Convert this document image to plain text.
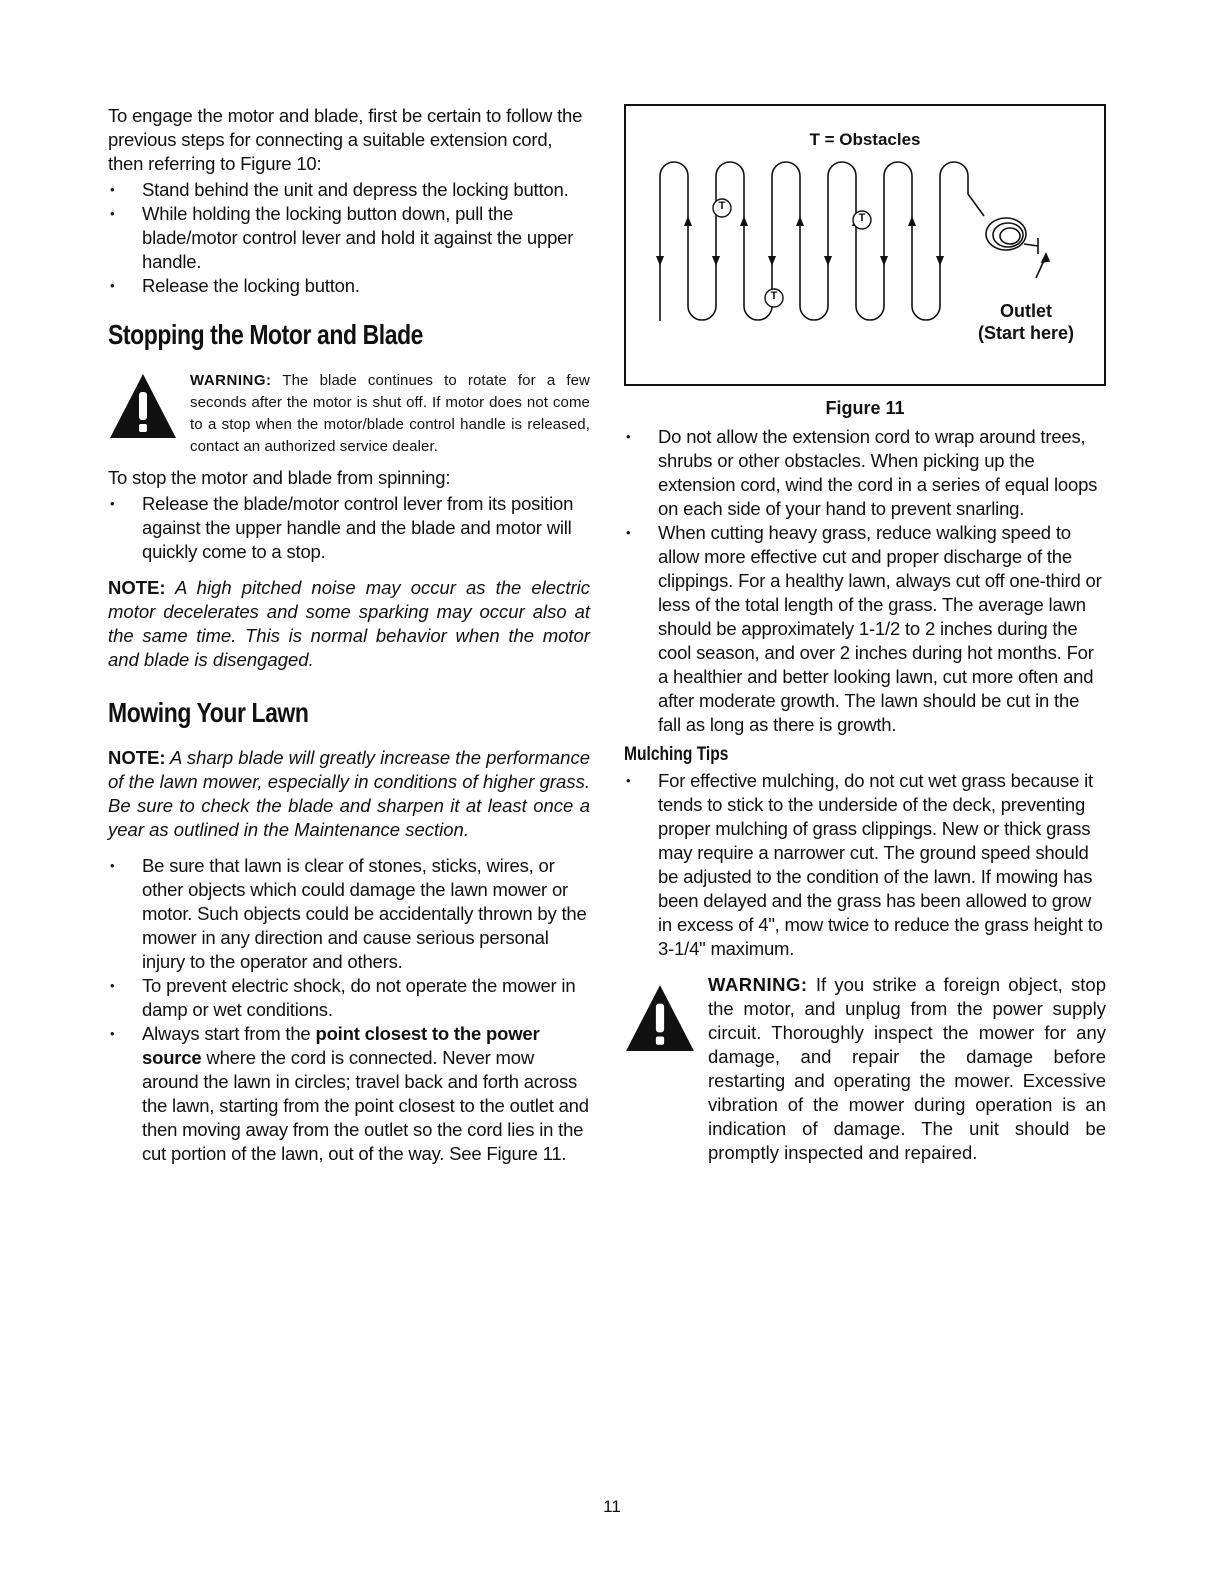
To engage the motor and blade, first be certain to follow the previous steps for connecting a suitable extension cord, then referring to Figure 10:

• Stand behind the unit and depress the locking button.
• While holding the locking button down, pull the blade/motor control lever and hold it against the upper handle.
• Release the locking button.
Stopping the Motor and Blade

WARNING: The blade continues to rotate for a few seconds after the motor is shut off. If motor does not come to a stop when the motor/blade control handle is released, contact an authorized service dealer.

To stop the motor and blade from spinning:

• Release the blade/motor control lever from its position against the upper handle and the blade and motor will quickly come to a stop.

NOTE: A high pitched noise may occur as the electric motor decelerates and some sparking may occur also at the same time. This is normal behavior when the motor and blade is disengaged.

Mowing Your Lawn

NOTE: A sharp blade will greatly increase the performance of the lawn mower, especially in conditions of higher grass. Be sure to check the blade and sharpen it at least once a year as outlined in the Maintenance section.

• Be sure that lawn is clear of stones, sticks, wires, or other objects which could damage the lawn mower or motor. Such objects could be accidentally thrown by the mower in any direction and cause serious personal injury to the operator and others.
• To prevent electric shock, do not operate the mower in damp or wet conditions.
• Always start from the point closest to the power source where the cord is connected. Never mow around the lawn in circles; travel back and forth across the lawn, starting from the point closest to the outlet and then moving away from the outlet so the cord lies in the cut portion of the lawn, out of the way. See Figure 11.
T = Obstacles
T
T
T
Outlet
(Start here)
Figure 11
• Do not allow the extension cord to wrap around trees, shrubs or other obstacles. When picking up the extension cord, wind the cord in a series of equal loops on each side of your hand to prevent snarling.
• When cutting heavy grass, reduce walking speed to allow more effective cut and proper discharge of the clippings. For a healthy lawn, always cut off one-third or less of the total length of the grass. The average lawn should be approximately 1-1/2 to 2 inches during the cool season, and over 2 inches during hot months. For a healthier and better looking lawn, cut more often and after moderate growth. The lawn should be cut in the fall as long as there is growth.
Mulching Tips
• For effective mulching, do not cut wet grass because it tends to stick to the underside of the deck, preventing proper mulching of grass clippings. New or thick grass may require a narrower cut. The ground speed should be adjusted to the condition of the lawn. If mowing has been delayed and the grass has been allowed to grow in excess of 4", mow twice to reduce the grass height to 3-1/4" maximum.

WARNING: If you strike a foreign object, stop the motor, and unplug from the power supply circuit. Thoroughly inspect the mower for any damage, and repair the damage before restarting and operating the mower. Excessive vibration of the mower during operation is an indication of damage. The unit should be promptly inspected and repaired.

11
